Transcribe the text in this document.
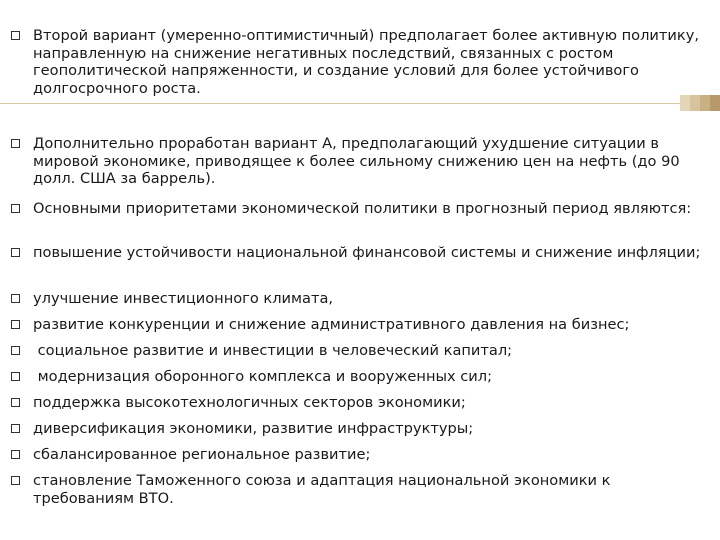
Второй вариант (умеренно-оптимистичный) предполагает более активную политику, направленную на снижение негативных последствий, связанных с ростом геополитической напряженности, и создание условий для более устойчивого долгосрочного роста.
Дополнительно проработан вариант А, предполагающий ухудшение ситуации в мировой экономике, приводящее к более сильному снижению цен на нефть (до 90 долл. США за баррель).
Основными приоритетами экономической политики в прогнозный период являются:
повышение устойчивости национальной финансовой системы и снижение инфляции;
улучшение инвестиционного климата,
развитие конкуренции и снижение административного давления на бизнес;
социальное развитие и инвестиции в человеческий капитал;
модернизация оборонного комплекса и вооруженных сил;
поддержка высокотехнологичных секторов экономики;
диверсификация экономики, развитие инфраструктуры;
сбалансированное региональное развитие;
становление Таможенного союза и адаптация национальной экономики к требованиям ВТО.
